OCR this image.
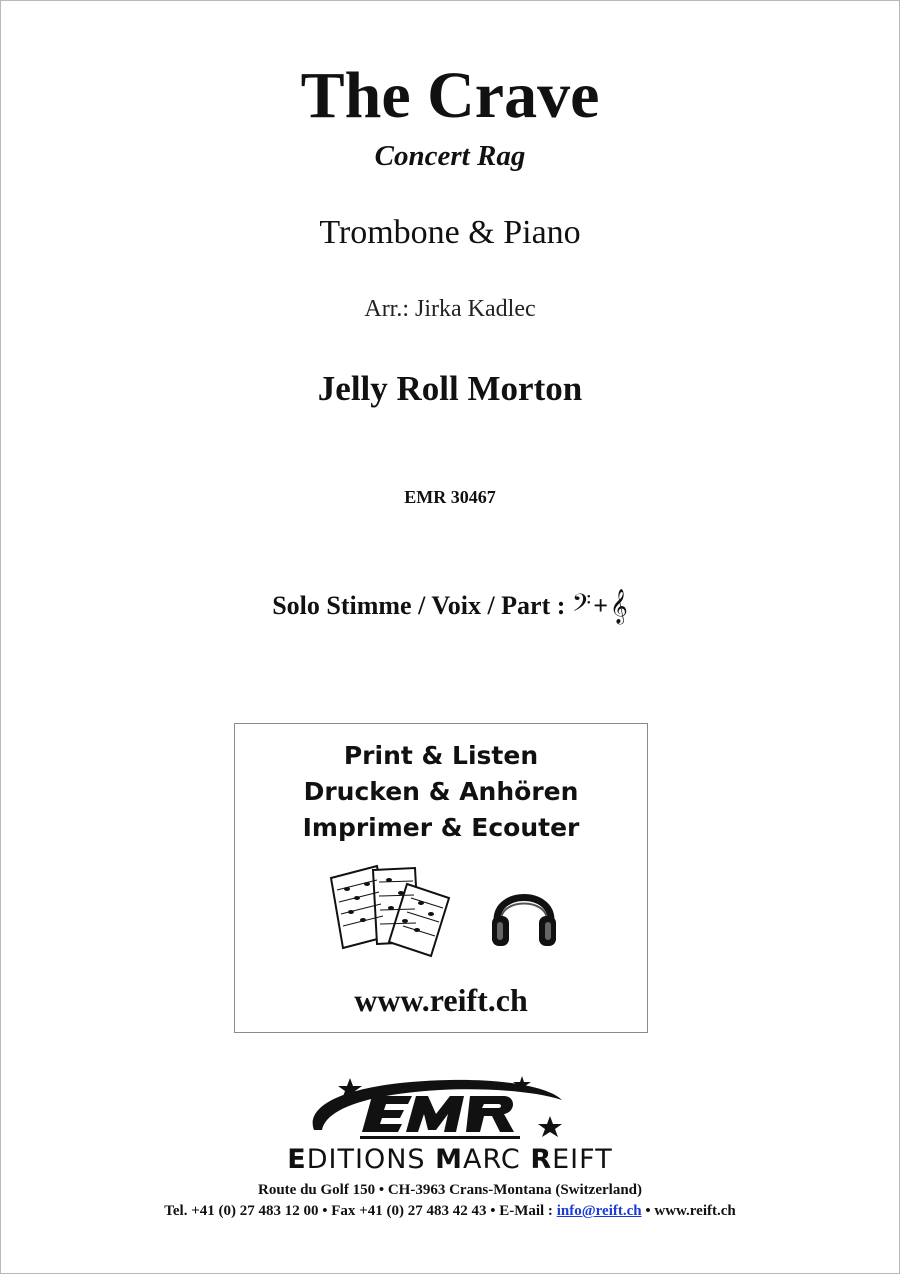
The Crave
Concert Rag
Trombone & Piano
Arr.: Jirka Kadlec
Jelly Roll Morton
EMR 30467
Solo Stimme / Voix / Part : 𝄢+𝄞
Print & Listen
Drucken & Anhören
Imprimer & Ecouter
www.reift.ch
EDITIONS MARC REIFT
Route du Golf 150 • CH-3963 Crans-Montana (Switzerland)
Tel. +41 (0) 27 483 12 00 • Fax +41 (0) 27 483 42 43 • E-Mail : info@reift.ch • www.reift.ch
